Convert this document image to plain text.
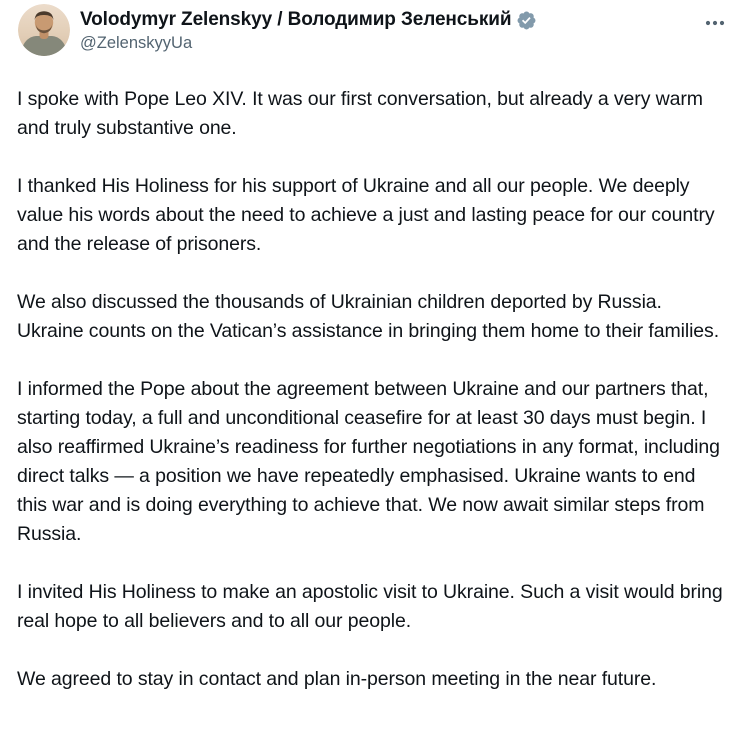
Volodymyr Zelenskyy / Володимир Зеленський
@ZelenskyyUa

I spoke with Pope Leo XIV. It was our first conversation, but already a very warm and truly substantive one.

I thanked His Holiness for his support of Ukraine and all our people. We deeply value his words about the need to achieve a just and lasting peace for our country and the release of prisoners.

We also discussed the thousands of Ukrainian children deported by Russia. Ukraine counts on the Vatican’s assistance in bringing them home to their families.

I informed the Pope about the agreement between Ukraine and our partners that, starting today, a full and unconditional ceasefire for at least 30 days must begin. I also reaffirmed Ukraine’s readiness for further negotiations in any format, including direct talks — a position we have repeatedly emphasised. Ukraine wants to end this war and is doing everything to achieve that. We now await similar steps from Russia.

I invited His Holiness to make an apostolic visit to Ukraine. Such a visit would bring real hope to all believers and to all our people.

We agreed to stay in contact and plan in-person meeting in the near future.
